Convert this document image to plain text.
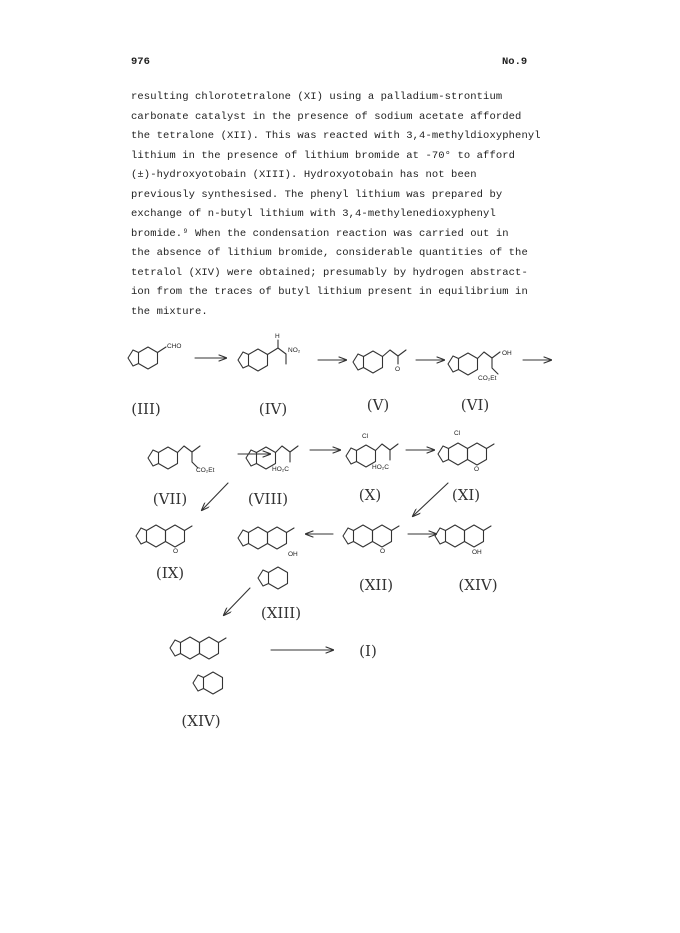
976	No.9
resulting chlorotetralone (XI) using a palladium-strontium
carbonate catalyst in the presence of sodium acetate afforded
the tetralone (XII). This was reacted with 3,4-methyldioxyphenyl
lithium in the presence of lithium bromide at -70° to afford
(±)-hydroxyotobain (XIII). Hydroxyotobain has not been
previously synthesised. The phenyl lithium was prepared by
exchange of n-butyl lithium with 3,4-methylenedioxyphenyl
bromide.⁹ When the condensation reaction was carried out in
the absence of lithium bromide, considerable quantities of the
tetralol (XIV) were obtained; presumably by hydrogen abstract-
ion from the traces of butyl lithium present in equilibrium in
the mixture.
CHO
H
NO₂
O
OH
CO₂Et
(III)	(IV)	(V)	(VI)
CO₂Et	HO₂C
Cl
HO₂C
Cl
O
(VII)	(VIII)	(X)	(XI)
O	OH	O	OH
(IX)
(XII)	(XIV)
(XIII)
(I)
(XIV)
